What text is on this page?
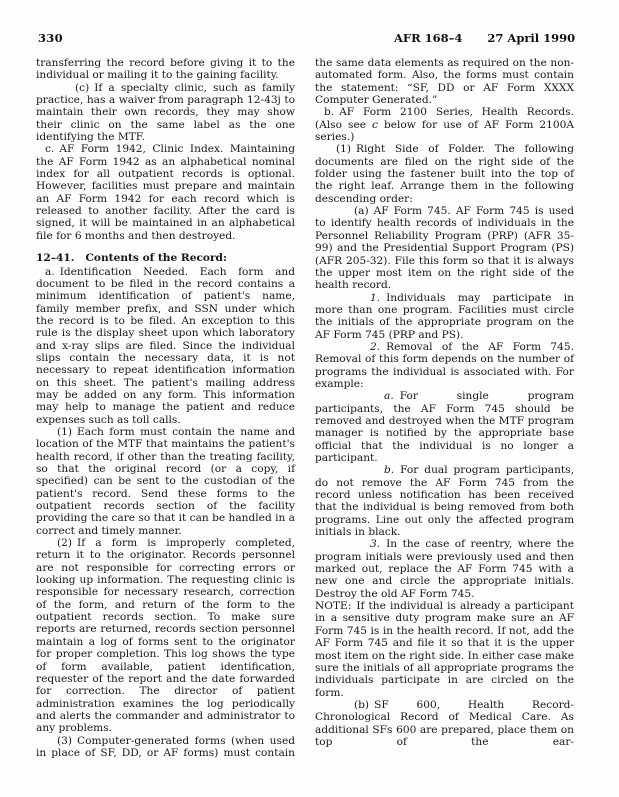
330	AFR 168–4 27 April 1990

transferring the record before giving it to the individual or mailing it to the gaining facility.

(c) If a specialty clinic, such as family practice, has a waiver from paragraph 12-43j to maintain their own records, they may show their clinic on the same label as the one identifying the MTF.

c. AF Form 1942, Clinic Index. Maintaining the AF Form 1942 as an alphabetical nominal index for all outpatient records is optional. However, facilities must prepare and maintain an AF Form 1942 for each record which is released to another facility. After the card is signed, it will be maintained in an alphabetical file for 6 months and then destroyed.

12–41. Contents of the Record:

a. Identification Needed. Each form and document to be filed in the record contains a minimum identification of patient's name, family member prefix, and SSN under which the record is to be filed. An exception to this rule is the display sheet upon which laboratory and x-ray slips are filed. Since the individual slips contain the necessary data, it is not necessary to repeat identification information on this sheet. The patient's mailing address may be added on any form. This information may help to manage the patient and reduce expenses such as toll calls.

(1) Each form must contain the name and location of the MTF that maintains the patient's health record, if other than the treating facility, so that the original record (or a copy, if specified) can be sent to the custodian of the patient's record. Send these forms to the outpatient records section of the facility providing the care so that it can be handled in a correct and timely manner.

(2) If a form is improperly completed, return it to the originator. Records personnel are not responsible for correcting errors or looking up information. The requesting clinic is responsible for necessary research, correction of the form, and return of the form to the outpatient records section. To make sure reports are returned, records section personnel maintain a log of forms sent to the originator for proper completion. This log shows the type of form available, patient identification, requester of the report and the date forwarded for correction. The director of patient administration examines the log periodically and alerts the commander and administrator to any problems.

(3) Computer-generated forms (when used in place of SF, DD, or AF forms) must contain

the same data elements as required on the non-automated form. Also, the forms must contain the statement: “SF, DD or AF Form XXXX Computer Generated.”

b. AF Form 2100 Series, Health Records. (Also see c below for use of AF Form 2100A series.)

(1) Right Side of Folder. The following documents are filed on the right side of the folder using the fastener built into the top of the right leaf. Arrange them in the following descending order:

(a) AF Form 745. AF Form 745 is used to identify health records of individuals in the Personnel Reliability Program (PRP) (AFR 35-99) and the Presidential Support Program (PS) (AFR 205-32). File this form so that it is always the upper most item on the right side of the health record.

1. Individuals may participate in more than one program. Facilities must circle the initials of the appropriate program on the AF Form 745 (PRP and PS).

2. Removal of the AF Form 745. Removal of this form depends on the number of programs the individual is associated with. For example:

a. For single program participants, the AF Form 745 should be removed and destroyed when the MTF program manager is notified by the appropriate base official that the individual is no longer a participant.

b. For dual program participants, do not remove the AF Form 745 from the record unless notification has been received that the individual is being removed from both programs. Line out only the affected program initials in black.

3. In the case of reentry, where the program initials were previously used and then marked out, replace the AF Form 745 with a new one and circle the appropriate initials. Destroy the old AF Form 745.

NOTE: If the individual is already a participant in a sensitive duty program make sure an AF Form 745 is in the health record. If not, add the AF Form 745 and file it so that it is the upper most item on the right side. In either case make sure the initials of all appropriate programs the individuals participate in are circled on the form.

(b) SF 600, Health Record-Chronological Record of Medical Care. As additional SFs 600 are prepared, place them on top of the ear-
